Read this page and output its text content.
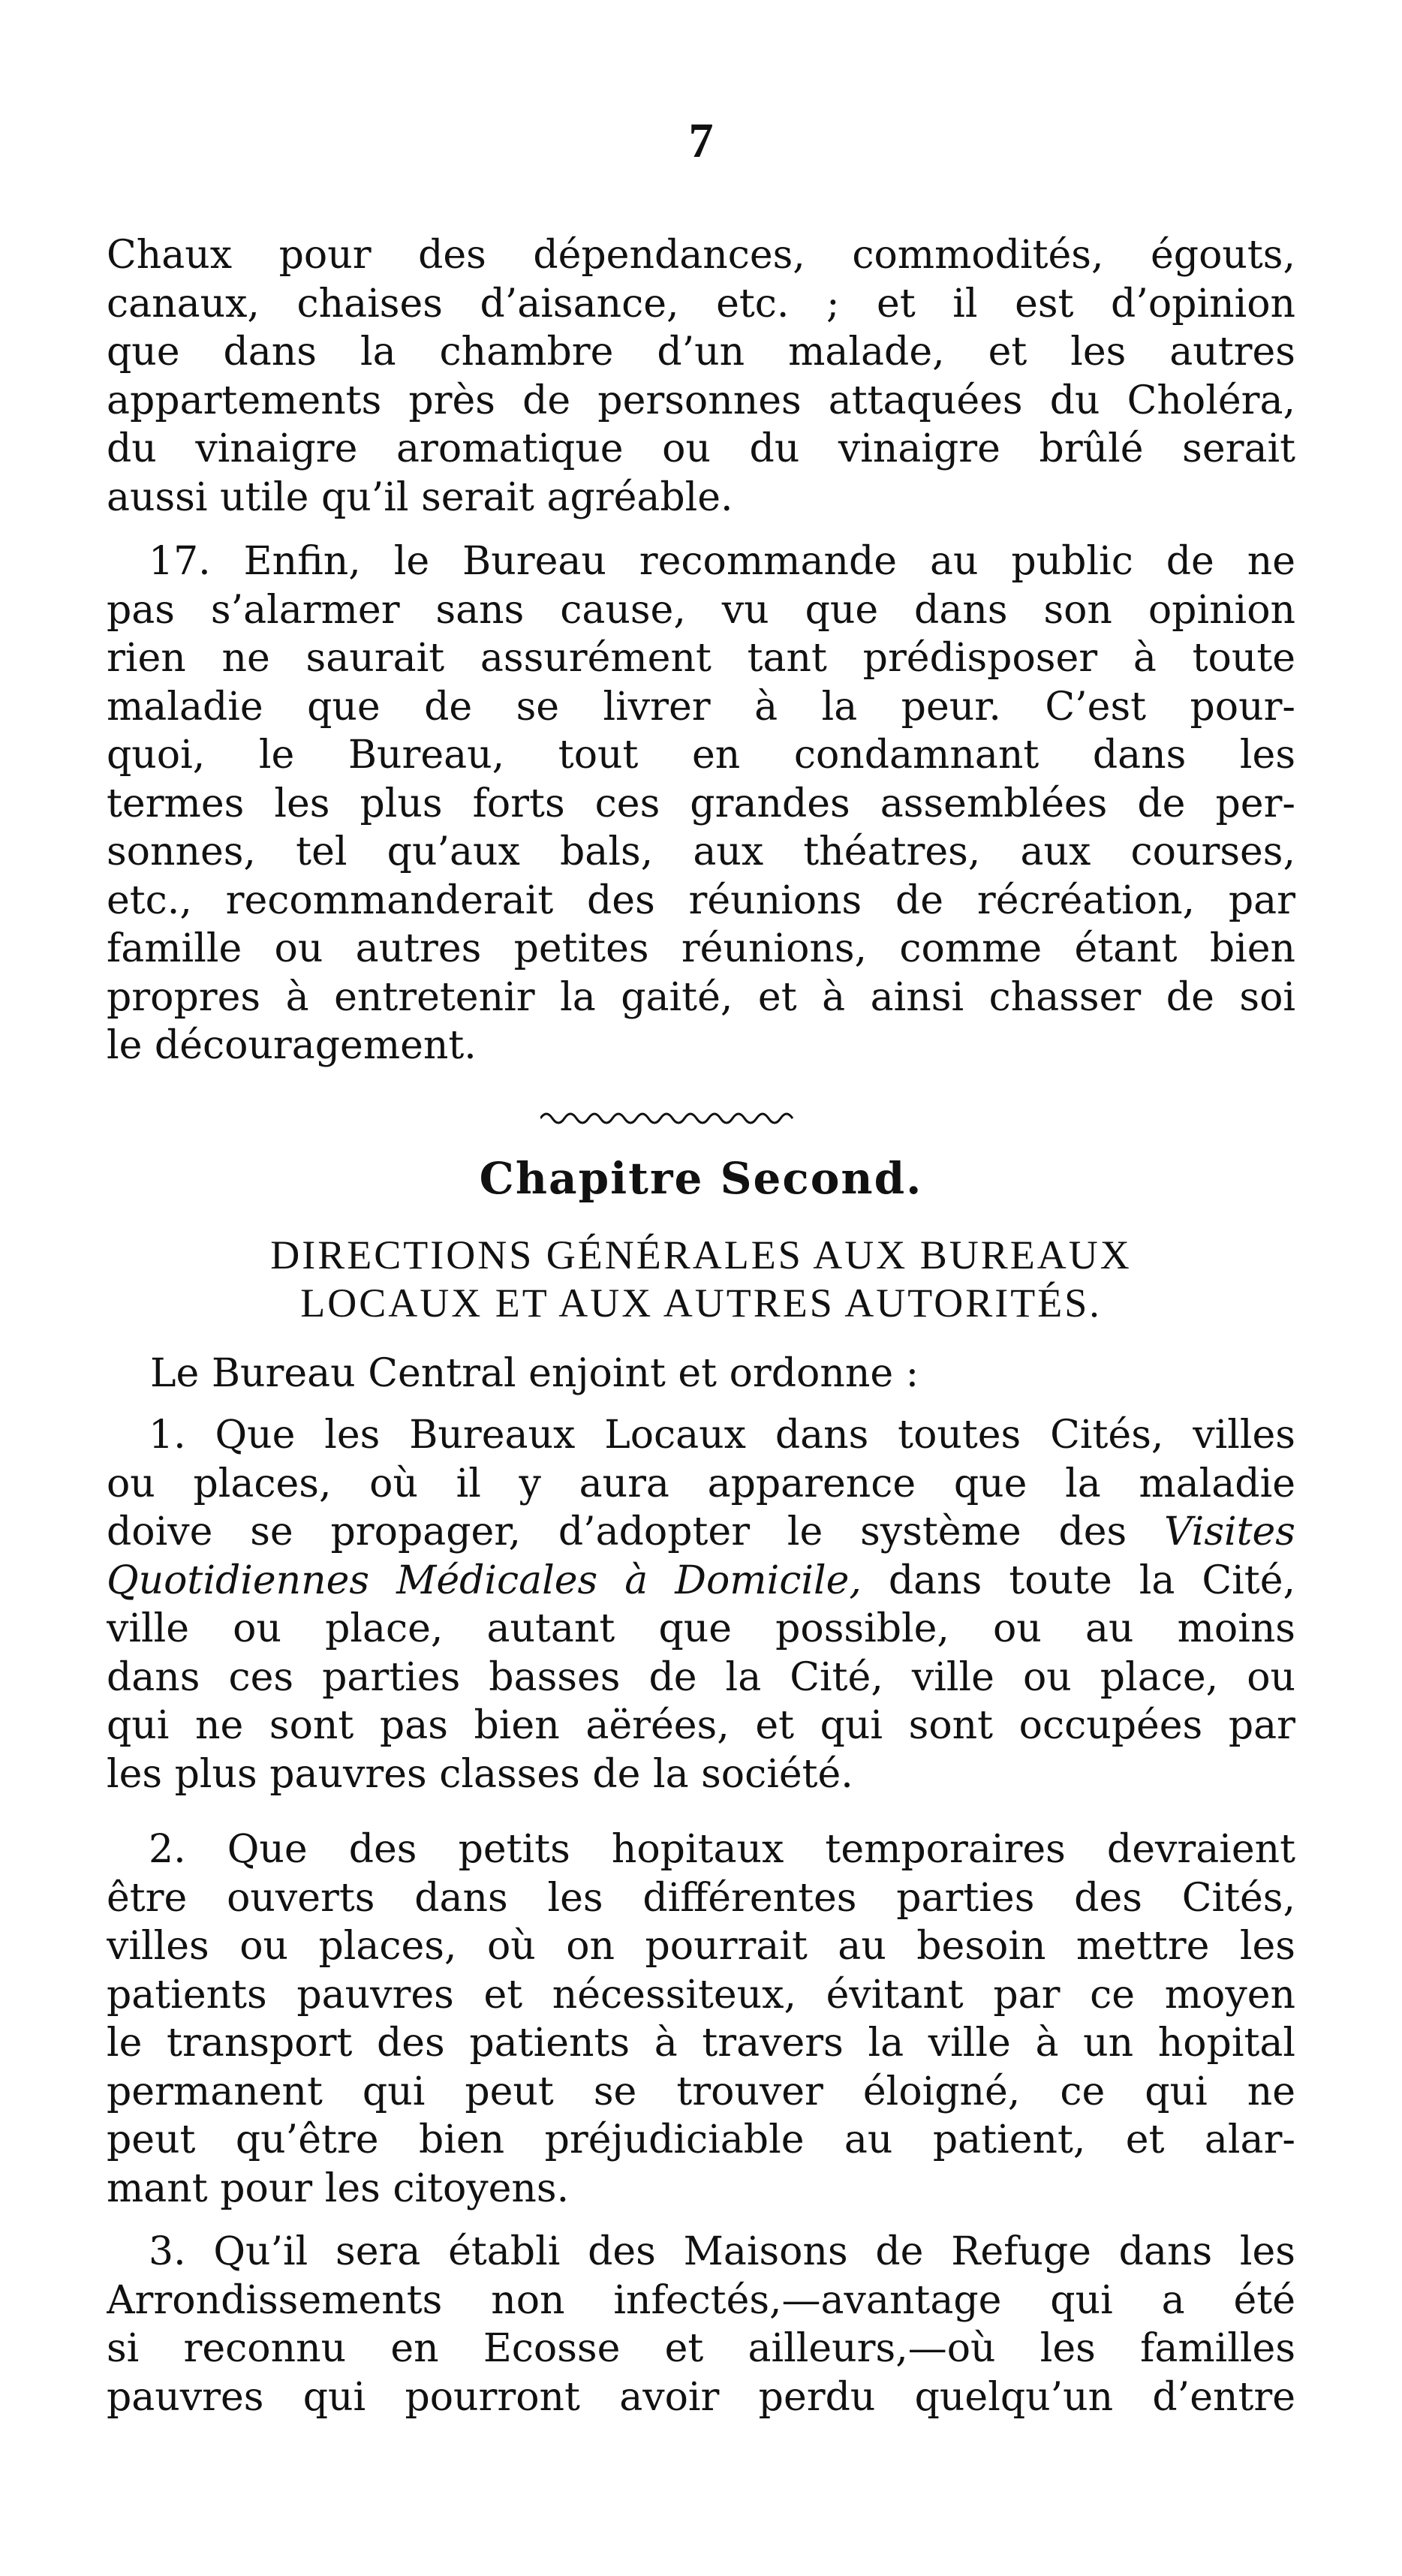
7
Chaux pour des dépendances, commodités, égouts,
canaux, chaises d’aisance, etc. ; et il est d’opinion
que dans la chambre d’un malade, et les autres
appartements près de personnes attaquées du Choléra,
du vinaigre aromatique ou du vinaigre brûlé serait
aussi utile qu’il serait agréable.
17. Enfin, le Bureau recommande au public de ne
pas s’alarmer sans cause, vu que dans son opinion
rien ne saurait assurément tant prédisposer à toute
maladie que de se livrer à la peur. C’est pour-
quoi, le Bureau, tout en condamnant dans les
termes les plus forts ces grandes assemblées de per-
sonnes, tel qu’aux bals, aux théatres, aux courses,
etc., recommanderait des réunions de récréation, par
famille ou autres petites réunions, comme étant bien
propres à entretenir la gaité, et à ainsi chasser de soi
le découragement.
Chapitre Second.
DIRECTIONS GÉNÉRALES AUX BUREAUX
LOCAUX ET AUX AUTRES AUTORITÉS.
Le Bureau Central enjoint et ordonne :
1. Que les Bureaux Locaux dans toutes Cités, villes
ou places, où il y aura apparence que la maladie
doive se propager, d’adopter le système des Visites
Quotidiennes Médicales à Domicile, dans toute la Cité,
ville ou place, autant que possible, ou au moins
dans ces parties basses de la Cité, ville ou place, ou
qui ne sont pas bien aërées, et qui sont occupées par
les plus pauvres classes de la société.
2. Que des petits hopitaux temporaires devraient
être ouverts dans les différentes parties des Cités,
villes ou places, où on pourrait au besoin mettre les
patients pauvres et nécessiteux, évitant par ce moyen
le transport des patients à travers la ville à un hopital
permanent qui peut se trouver éloigné, ce qui ne
peut qu’être bien préjudiciable au patient, et alar-
mant pour les citoyens.
3. Qu’il sera établi des Maisons de Refuge dans les
Arrondissements non infectés,—avantage qui a été
si reconnu en Ecosse et ailleurs,—où les familles
pauvres qui pourront avoir perdu quelqu’un d’entre
